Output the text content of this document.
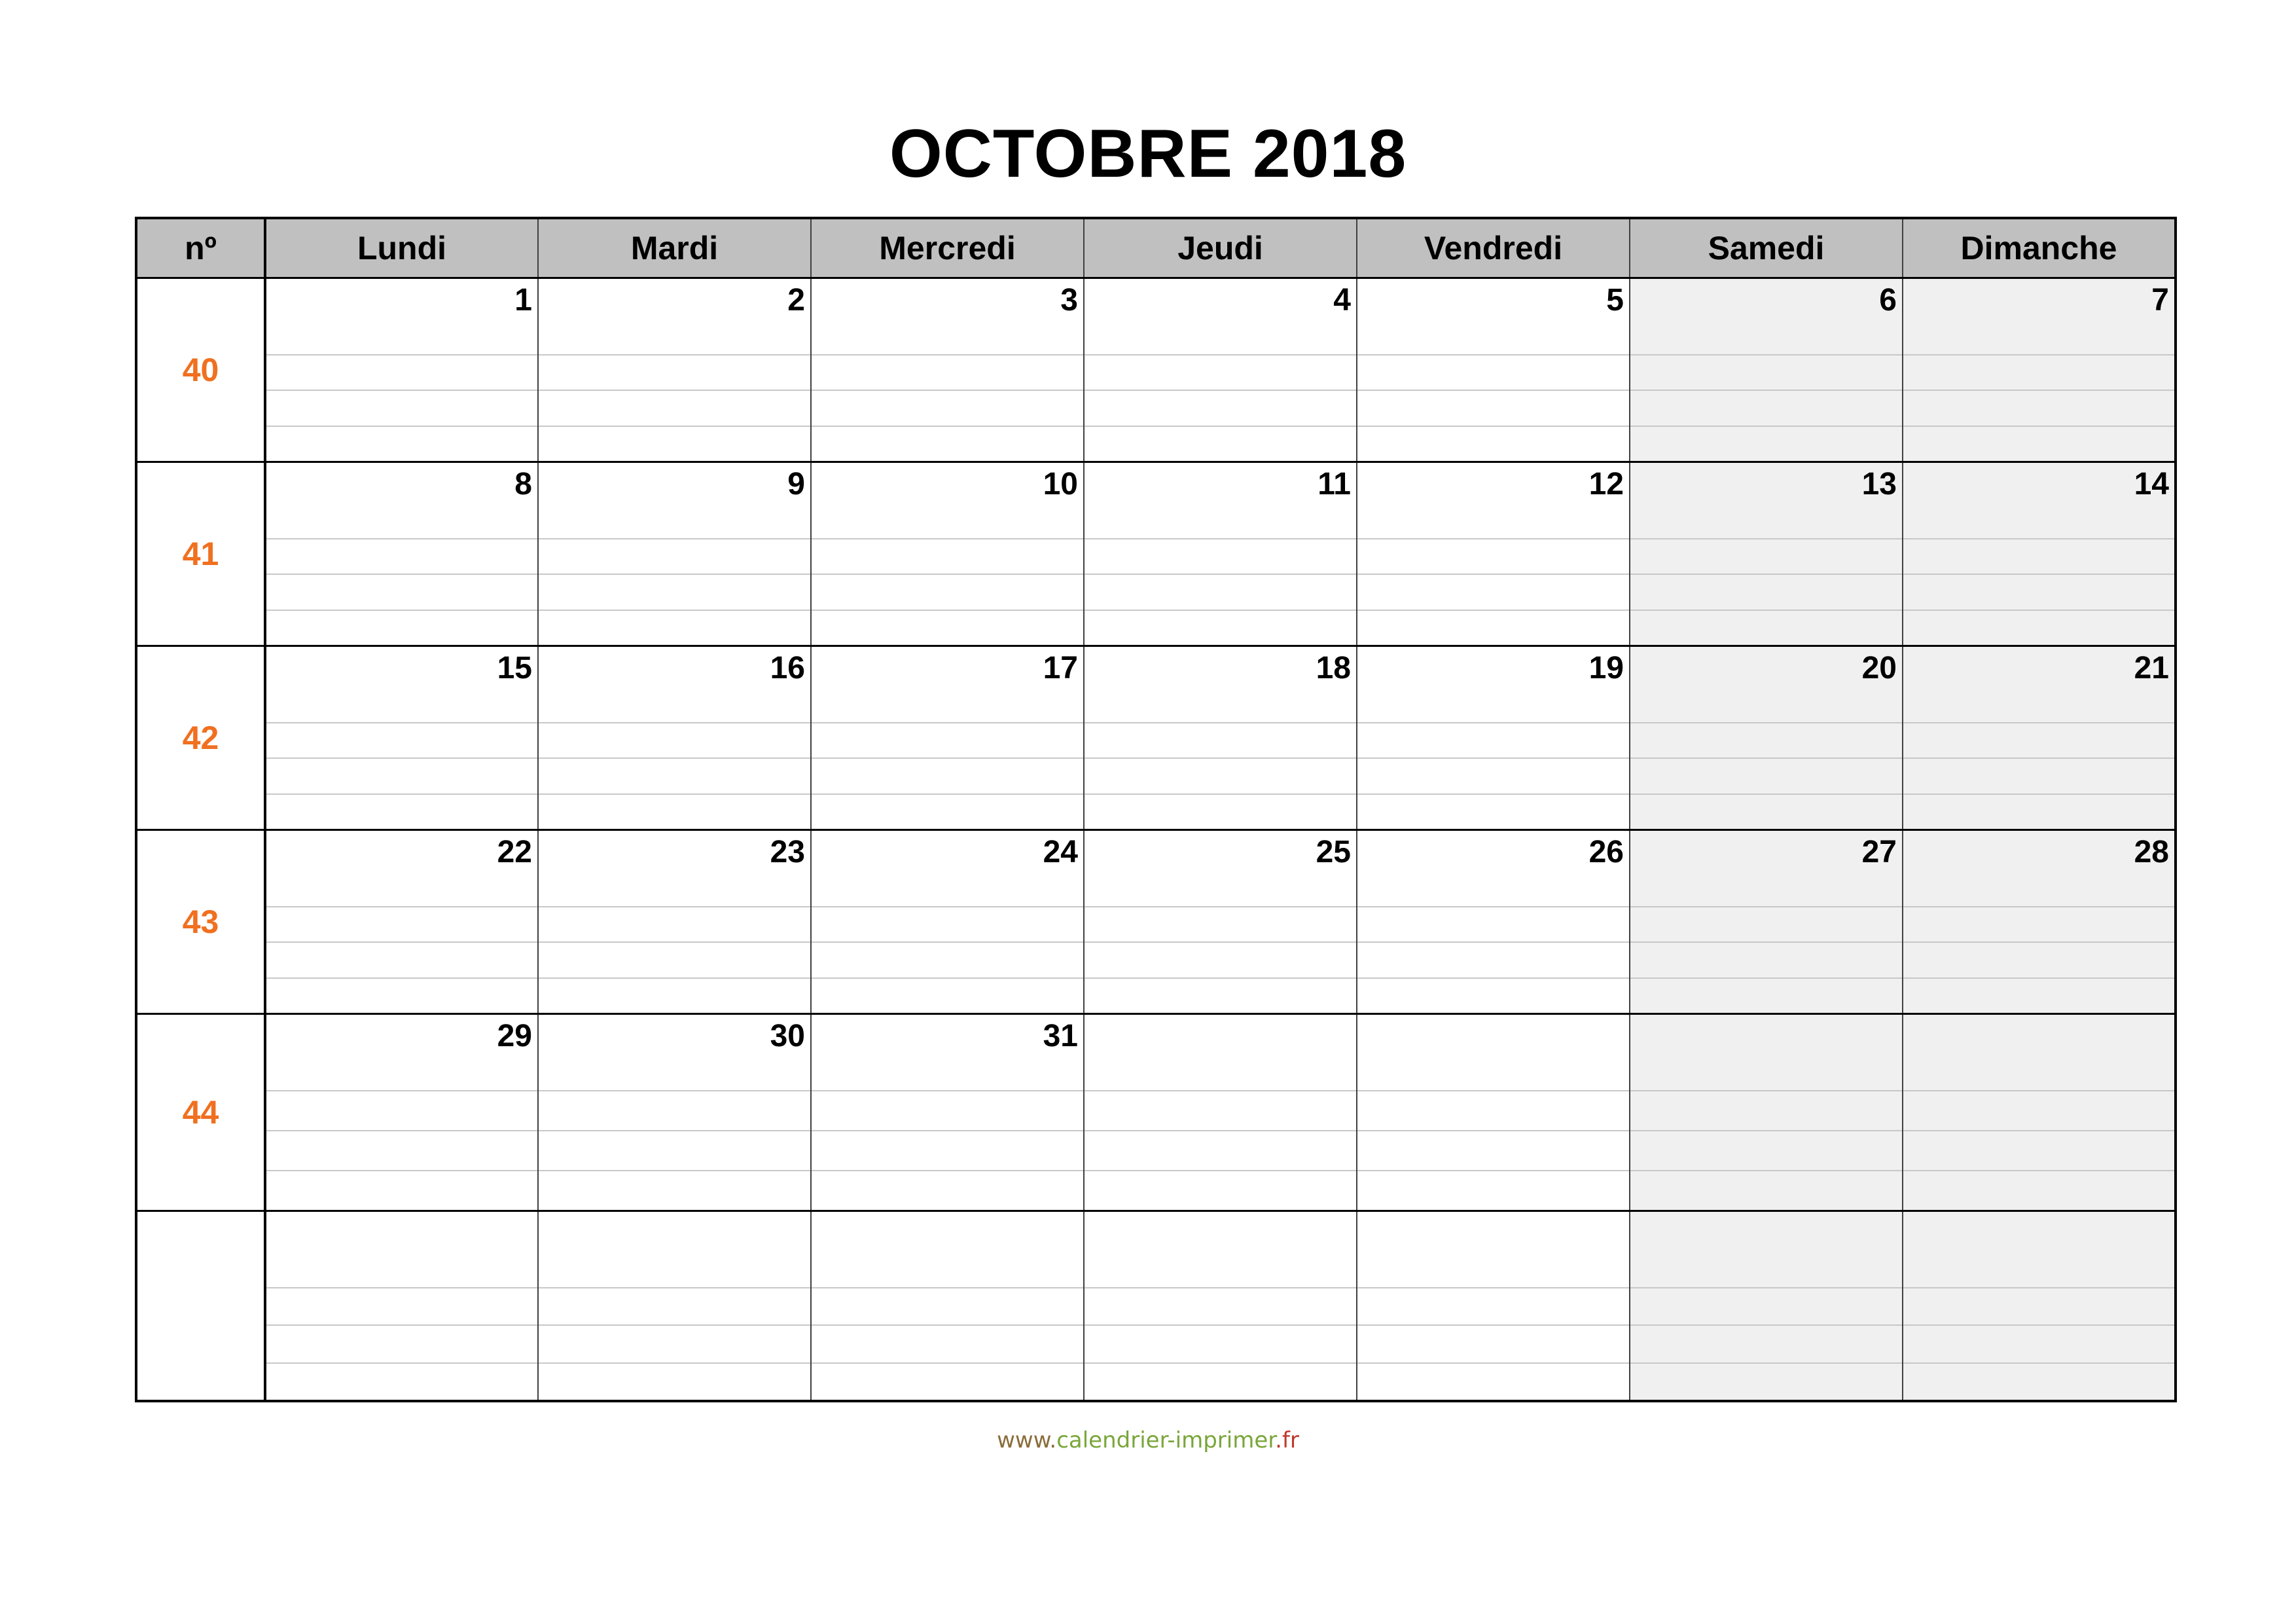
OCTOBRE 2018
nº	Lundi	Mardi	Mercredi	Jeudi	Vendredi	Samedi	Dimanche
40	1	2	3	4	5	6	7

41	8	9	10	11	12	13	14

42	15	16	17	18	19	20	21

43	22	23	24	25	26	27	28

44	29	30	31				

www.calendrier-imprimer.fr
